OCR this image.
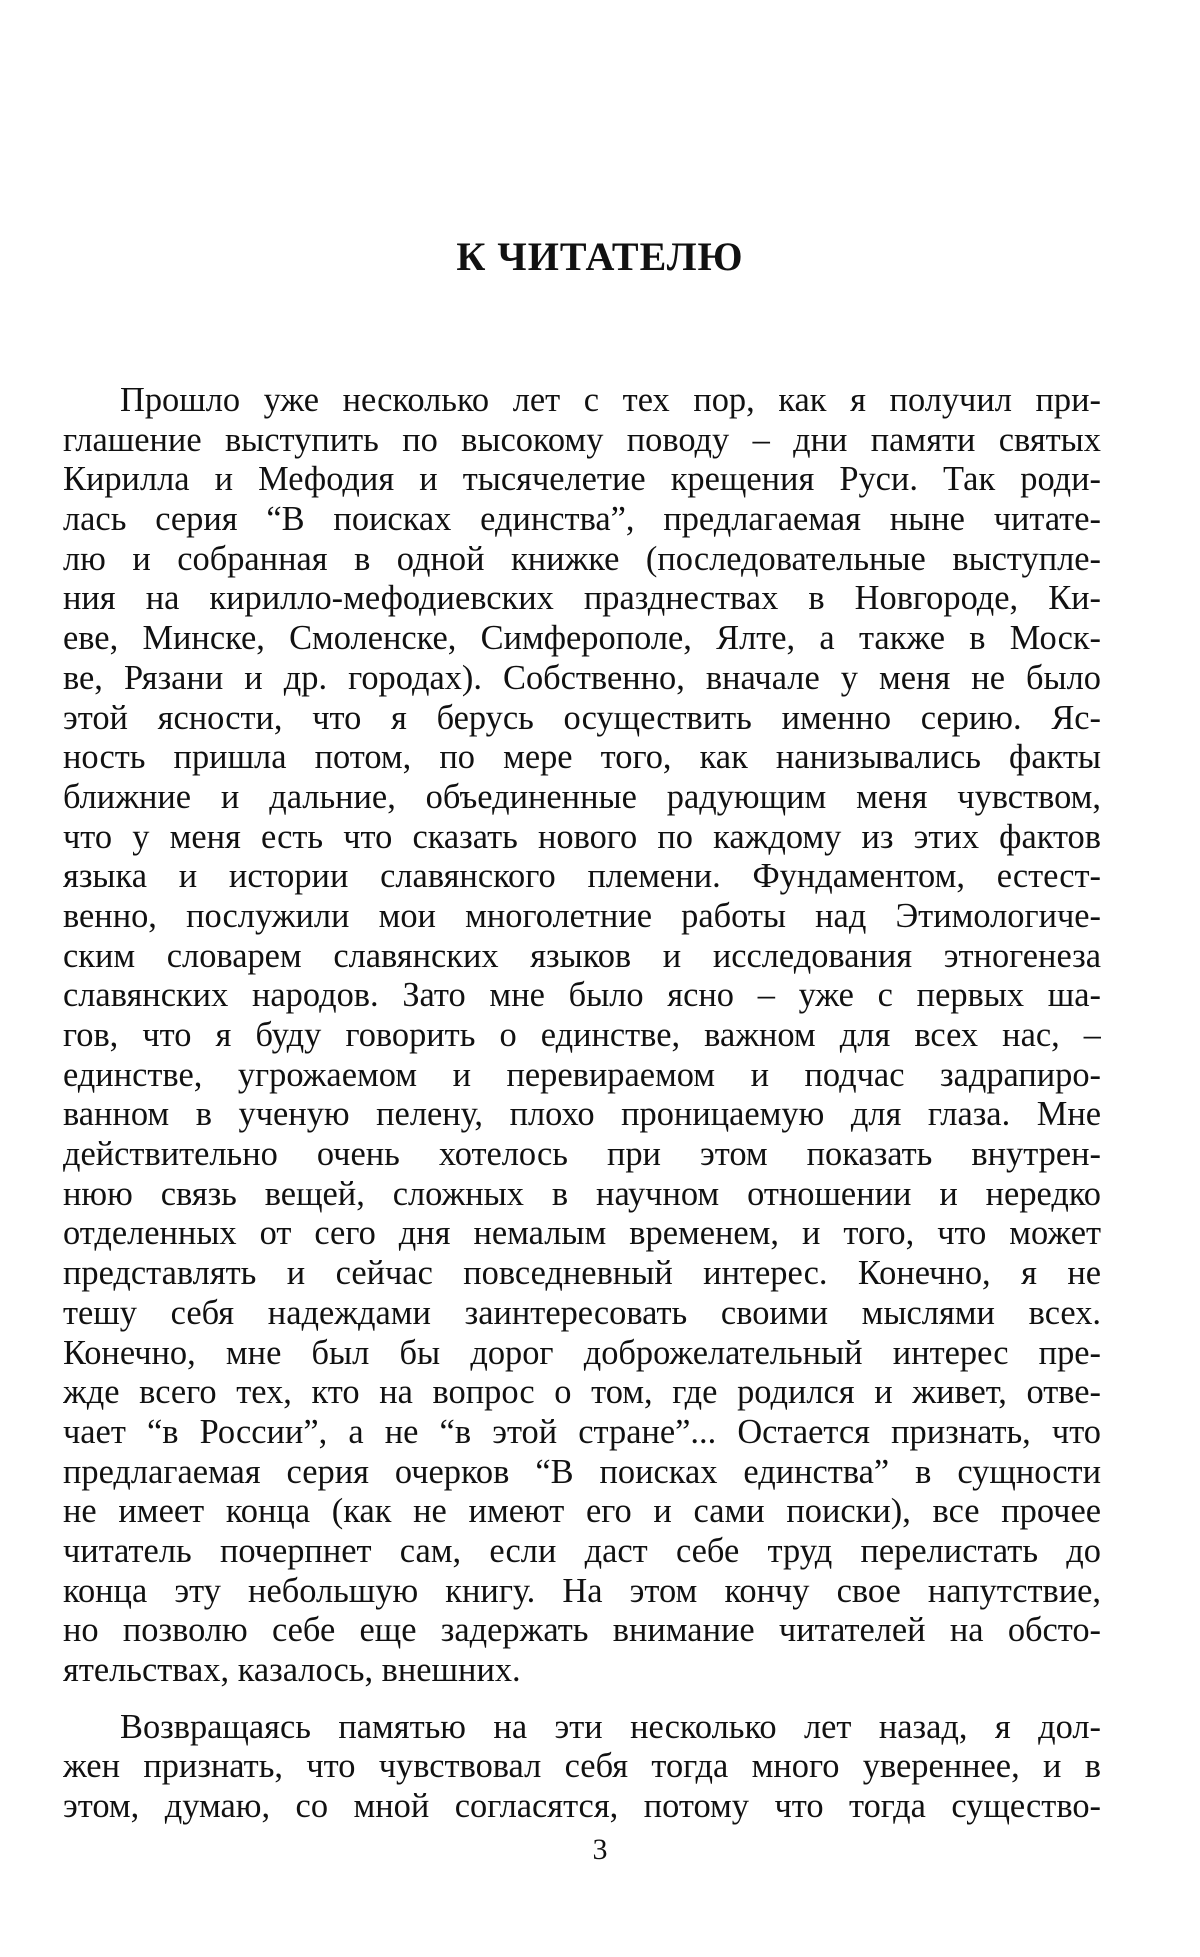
К ЧИТАТЕЛЮ
Прошло уже несколько лет с тех пор, как я получил при-
глашение выступить по высокому поводу – дни памяти святых
Кирилла и Мефодия и тысячелетие крещения Руси. Так роди-
лась серия “В поисках единства”, предлагаемая ныне читате-
лю и собранная в одной книжке (последовательные выступле-
ния на кирилло-мефодиевских празднествах в Новгороде, Ки-
еве, Минске, Смоленске, Симферополе, Ялте, а также в Моск-
ве, Рязани и др. городах). Собственно, вначале у меня не было
этой ясности, что я берусь осуществить именно серию. Яс-
ность пришла потом, по мере того, как нанизывались факты
ближние и дальние, объединенные радующим меня чувством,
что у меня есть что сказать нового по каждому из этих фактов
языка и истории славянского племени. Фундаментом, естест-
венно, послужили мои многолетние работы над Этимологиче-
ским словарем славянских языков и исследования этногенеза
славянских народов. Зато мне было ясно – уже с первых ша-
гов, что я буду говорить о единстве, важном для всех нас, –
единстве, угрожаемом и перевираемом и подчас задрапиро-
ванном в ученую пелену, плохо проницаемую для глаза. Мне
действительно очень хотелось при этом показать внутрен-
нюю связь вещей, сложных в научном отношении и нередко
отделенных от сего дня немалым временем, и того, что может
представлять и сейчас повседневный интерес. Конечно, я не
тешу себя надеждами заинтересовать своими мыслями всех.
Конечно, мне был бы дорог доброжелательный интерес пре-
жде всего тех, кто на вопрос о том, где родился и живет, отве-
чает “в России”, а не “в этой стране”... Остается признать, что
предлагаемая серия очерков “В поисках единства” в сущности
не имеет конца (как не имеют его и сами поиски), все прочее
читатель почерпнет сам, если даст себе труд перелистать до
конца эту небольшую книгу. На этом кончу свое напутствие,
но позволю себе еще задержать внимание читателей на обсто-
ятельствах, казалось, внешних.
Возвращаясь памятью на эти несколько лет назад, я дол-
жен признать, что чувствовал себя тогда много увереннее, и в
этом, думаю, со мной согласятся, потому что тогда существо-
3
